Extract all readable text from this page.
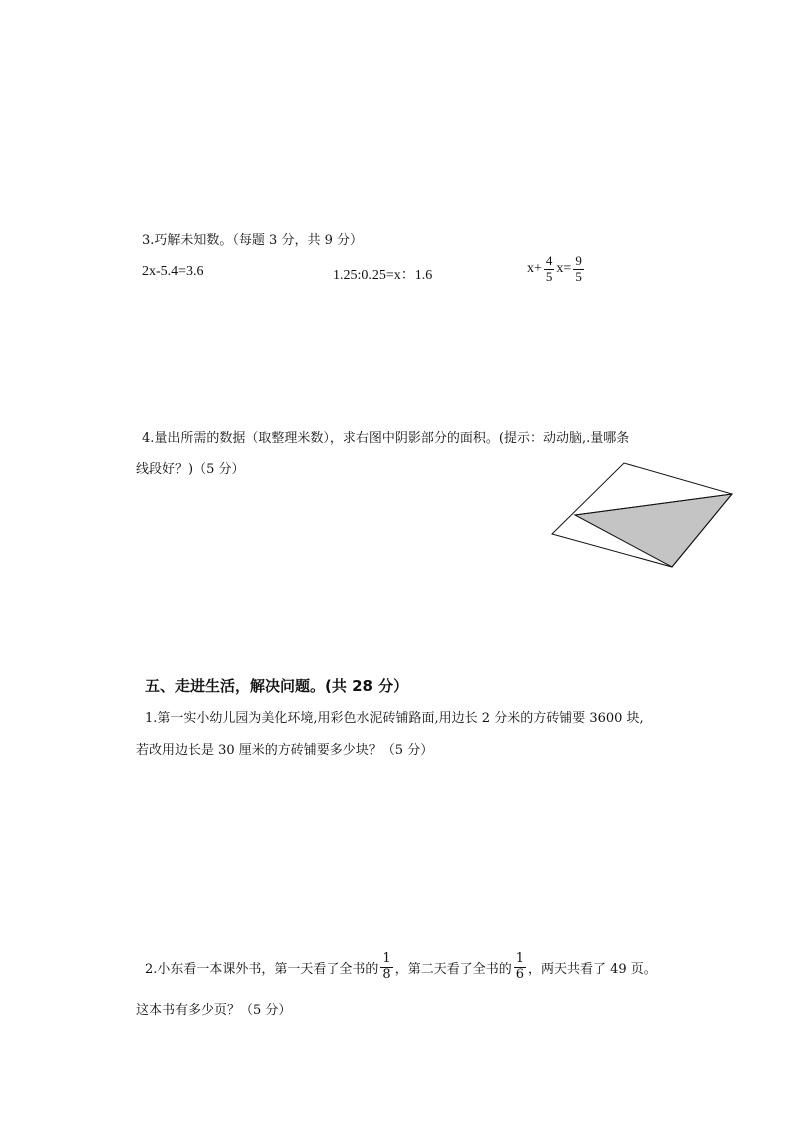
3.巧解未知数。（每题 3 分，共 9 分）
2x-5.4=3.6	1.25:0.25=x：1.6	$x+ \frac{4}{5} x= \frac{9}{5}$
4.量出所需的数据（取整理米数），求右图中阴影部分的面积。(提示：动动脑,.量哪条
线段好？)（5 分）
五、走进生活，解决问题。(共 28 分）
1.第一实小幼儿园为美化环境,用彩色水泥砖铺路面,用边长 2 分米的方砖铺要 3600 块,
若改用边长是 30 厘米的方砖铺要多少块？（5 分）
2.小东看一本课外书，第一天看了全书的 $\frac{1}{8}$ ，第二天看了全书的 $\frac{1}{6}$ ，两天共看了 49 页。
这本书有多少页？（5 分）
